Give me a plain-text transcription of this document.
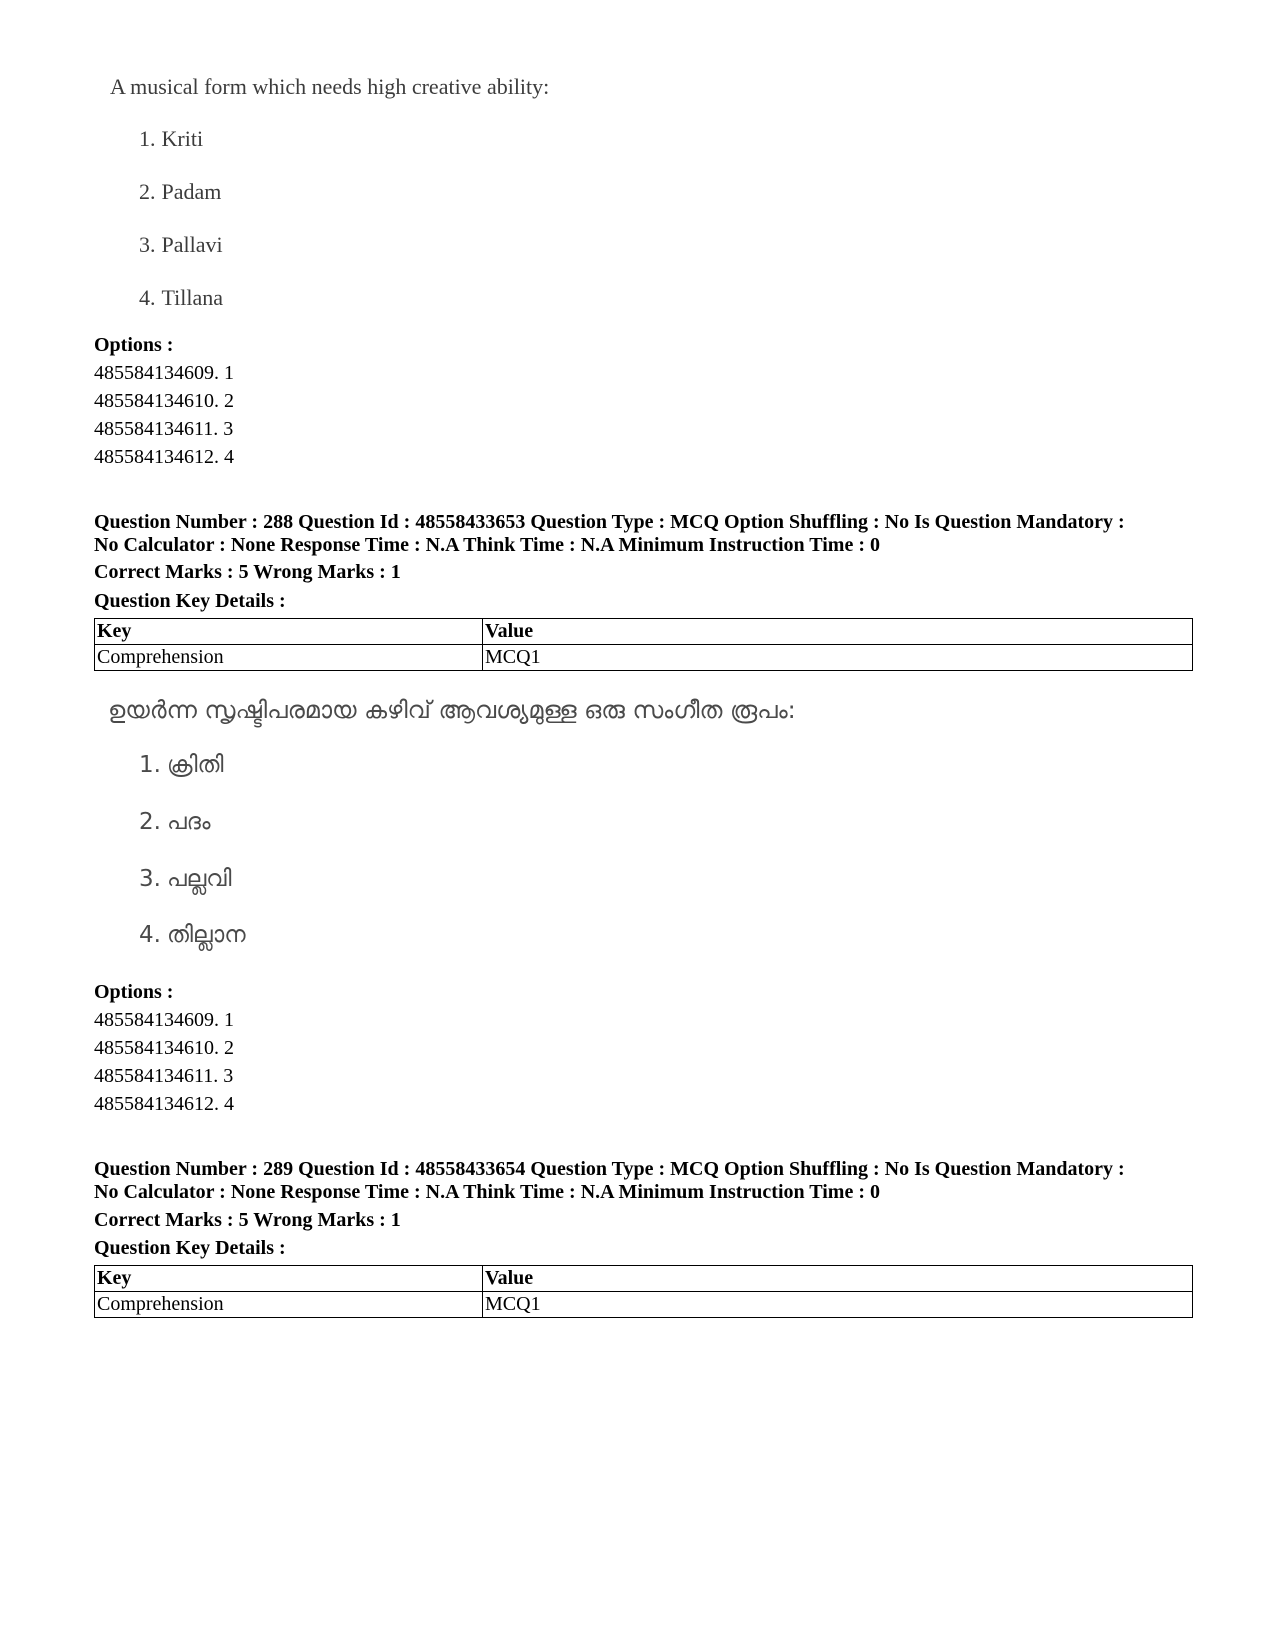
A musical form which needs high creative ability:
1. Kriti
2. Padam
3. Pallavi
4. Tillana
Options :
485584134609. 1
485584134610. 2
485584134611. 3
485584134612. 4
Question Number : 288 Question Id : 48558433653 Question Type : MCQ Option Shuffling : No Is Question Mandatory :
No Calculator : None Response Time : N.A Think Time : N.A Minimum Instruction Time : 0
Correct Marks : 5 Wrong Marks : 1
Question Key Details :
Key	Value
Comprehension	MCQ1
ഉയർന്ന സൃഷ്ടിപരമായ കഴിവ് ആവശ്യമുള്ള ഒരു സംഗീത രൂപം:
1. ക്രിതി
2. പദം
3. പല്ലവി
4. തില്ലാന
Options :
485584134609. 1
485584134610. 2
485584134611. 3
485584134612. 4
Question Number : 289 Question Id : 48558433654 Question Type : MCQ Option Shuffling : No Is Question Mandatory :
No Calculator : None Response Time : N.A Think Time : N.A Minimum Instruction Time : 0
Correct Marks : 5 Wrong Marks : 1
Question Key Details :
Key	Value
Comprehension	MCQ1
